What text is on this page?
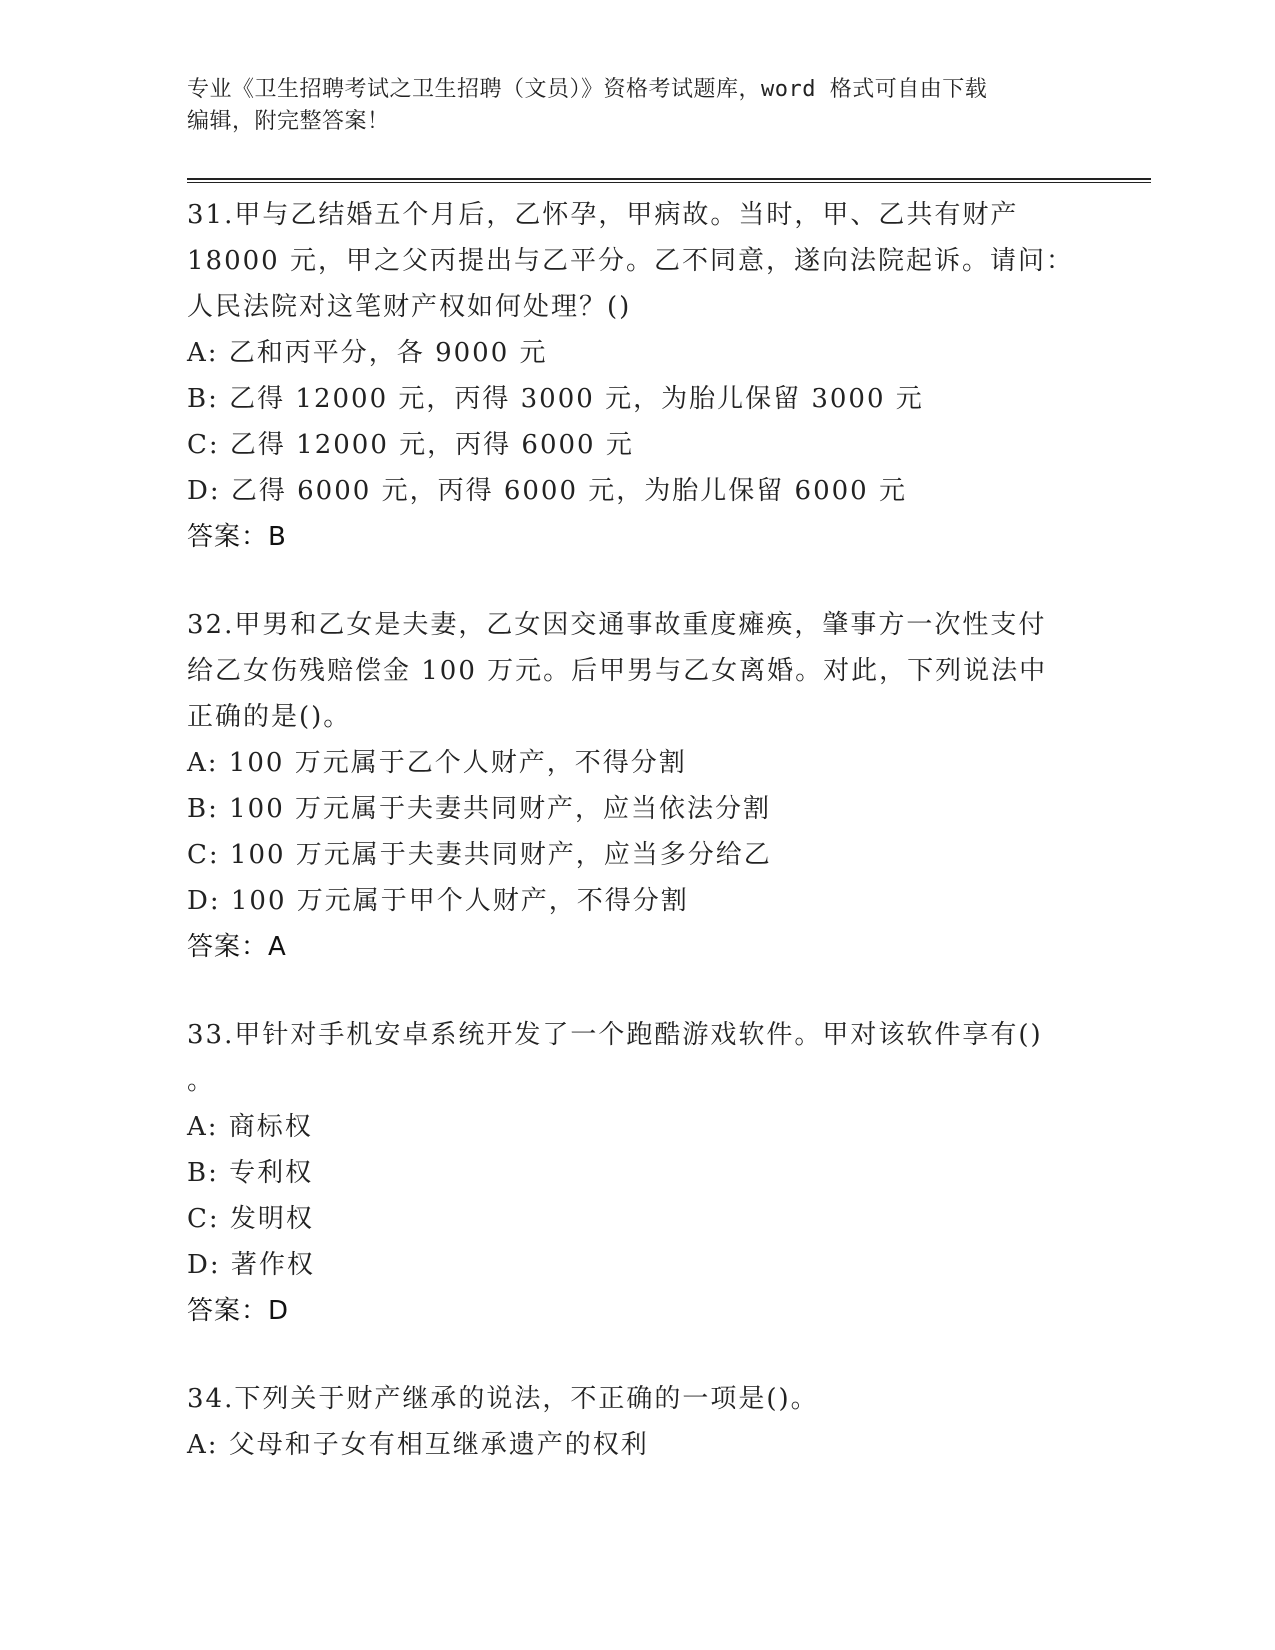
专业《卫生招聘考试之卫生招聘（文员）》资格考试题库，word 格式可自由下载
编辑，附完整答案！
31.甲与乙结婚五个月后，乙怀孕，甲病故。当时，甲、乙共有财产
18000 元，甲之父丙提出与乙平分。乙不同意，遂向法院起诉。请问：
人民法院对这笔财产权如何处理？()
A: 乙和丙平分，各 9000 元
B: 乙得 12000 元，丙得 3000 元，为胎儿保留 3000 元
C: 乙得 12000 元，丙得 6000 元
D: 乙得 6000 元，丙得 6000 元，为胎儿保留 6000 元
答案：B
32.甲男和乙女是夫妻，乙女因交通事故重度瘫痪，肇事方一次性支付
给乙女伤残赔偿金 100 万元。后甲男与乙女离婚。对此，下列说法中
正确的是()。
A: 100 万元属于乙个人财产，不得分割
B: 100 万元属于夫妻共同财产，应当依法分割
C: 100 万元属于夫妻共同财产，应当多分给乙
D: 100 万元属于甲个人财产，不得分割
答案：A
33.甲针对手机安卓系统开发了一个跑酷游戏软件。甲对该软件享有()
。
A: 商标权
B: 专利权
C: 发明权
D: 著作权
答案：D
34.下列关于财产继承的说法，不正确的一项是()。
A: 父母和子女有相互继承遗产的权利
